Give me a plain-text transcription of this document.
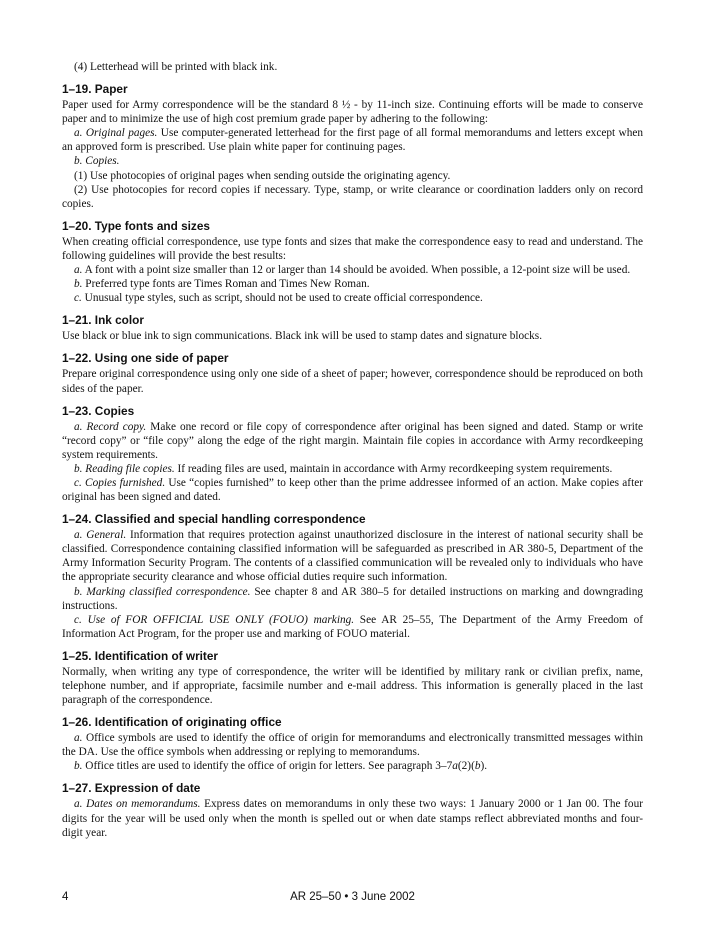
(4) Letterhead will be printed with black ink.

1–19. Paper

Paper used for Army correspondence will be the standard 8 ½ - by 11-inch size. Continuing efforts will be made to conserve paper and to minimize the use of high cost premium grade paper by adhering to the following:

a. Original pages. Use computer-generated letterhead for the first page of all formal memorandums and letters except when an approved form is prescribed. Use plain white paper for continuing pages.

b. Copies.

(1) Use photocopies of original pages when sending outside the originating agency.

(2) Use photocopies for record copies if necessary. Type, stamp, or write clearance or coordination ladders only on record copies.

1–20. Type fonts and sizes

When creating official correspondence, use type fonts and sizes that make the correspondence easy to read and understand. The following guidelines will provide the best results:

a. A font with a point size smaller than 12 or larger than 14 should be avoided. When possible, a 12-point size will be used.

b. Preferred type fonts are Times Roman and Times New Roman.

c. Unusual type styles, such as script, should not be used to create official correspondence.

1–21. Ink color

Use black or blue ink to sign communications. Black ink will be used to stamp dates and signature blocks.

1–22. Using one side of paper

Prepare original correspondence using only one side of a sheet of paper; however, correspondence should be reproduced on both sides of the paper.

1–23. Copies

a. Record copy. Make one record or file copy of correspondence after original has been signed and dated. Stamp or write “record copy” or “file copy” along the edge of the right margin. Maintain file copies in accordance with Army recordkeeping system requirements.

b. Reading file copies. If reading files are used, maintain in accordance with Army recordkeeping system requirements.

c. Copies furnished. Use “copies furnished” to keep other than the prime addressee informed of an action. Make copies after original has been signed and dated.

1–24. Classified and special handling correspondence

a. General. Information that requires protection against unauthorized disclosure in the interest of national security shall be classified. Correspondence containing classified information will be safeguarded as prescribed in AR 380-5, Department of the Army Information Security Program. The contents of a classified communication will be revealed only to individuals who have the appropriate security clearance and whose official duties require such information.

b. Marking classified correspondence. See chapter 8 and AR 380–5 for detailed instructions on marking and downgrading instructions.

c. Use of FOR OFFICIAL USE ONLY (FOUO) marking. See AR 25–55, The Department of the Army Freedom of Information Act Program, for the proper use and marking of FOUO material.

1–25. Identification of writer

Normally, when writing any type of correspondence, the writer will be identified by military rank or civilian prefix, name, telephone number, and if appropriate, facsimile number and e-mail address. This information is generally placed in the last paragraph of the correspondence.

1–26. Identification of originating office

a. Office symbols are used to identify the office of origin for memorandums and electronically transmitted messages within the DA. Use the office symbols when addressing or replying to memorandums.

b. Office titles are used to identify the office of origin for letters. See paragraph 3–7a(2)(b).

1–27. Expression of date

a. Dates on memorandums. Express dates on memorandums in only these two ways: 1 January 2000 or 1 Jan 00. The four digits for the year will be used only when the month is spelled out or when date stamps reflect abbreviated months and four-digit year.

4	AR 25–50 • 3 June 2002
